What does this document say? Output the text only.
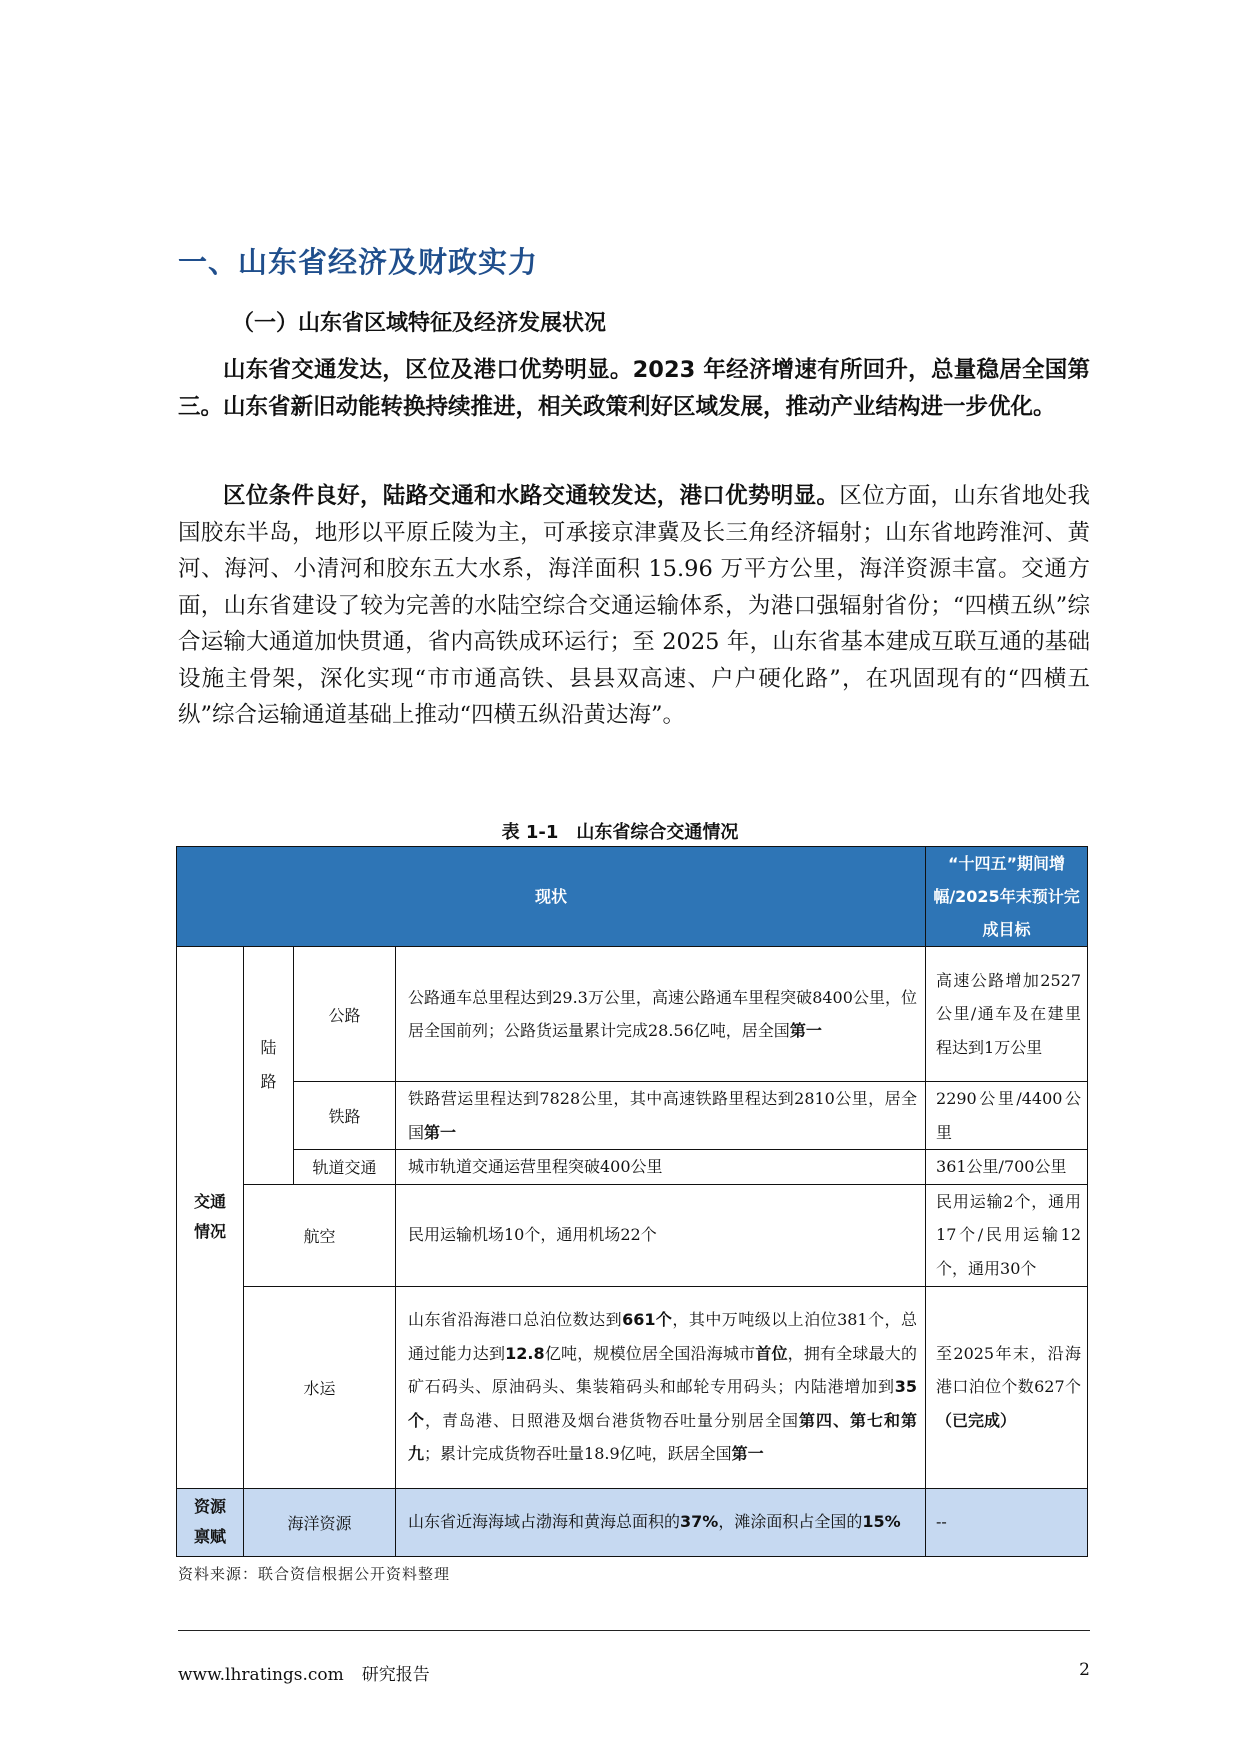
一、山东省经济及财政实力
（一）山东省区域特征及经济发展状况

山东省交通发达，区位及港口优势明显。2023 年经济增速有所回升，总量稳居全国第三。山东省新旧动能转换持续推进，相关政策利好区域发展，推动产业结构进一步优化。

区位条件良好，陆路交通和水路交通较发达，港口优势明显。区位方面，山东省地处我国胶东半岛，地形以平原丘陵为主，可承接京津冀及长三角经济辐射；山东省地跨淮河、黄河、海河、小清河和胶东五大水系，海洋面积 15.96 万平方公里，海洋资源丰富。交通方面，山东省建设了较为完善的水陆空综合交通运输体系，为港口强辐射省份；“四横五纵”综合运输大通道加快贯通，省内高铁成环运行；至 2025 年，山东省基本建成互联互通的基础设施主骨架，深化实现“市市通高铁、县县双高速、户户硬化路”，在巩固现有的“四横五纵”综合运输通道基础上推动“四横五纵沿黄达海”。

表 1-1　山东省综合交通情况

现状				“十四五”期间增幅/2025年末预计完成目标

交通情况	陆路	公路	公路通车总里程达到29.3万公里，高速公路通车里程突破8400公里，位居全国前列；公路货运量累计完成28.56亿吨，居全国第一	高速公路增加2527公里/通车及在建里程达到1万公里
		铁路	铁路营运里程达到7828公里，其中高速铁路里程达到2810公里，居全国第一	2290公里/4400公里
		轨道交通	城市轨道交通运营里程突破400公里	361公里/700公里
	航空		民用运输机场10个，通用机场22个	民用运输2个，通用17个/民用运输12个，通用30个
	水运		山东省沿海港口总泊位数达到661个，其中万吨级以上泊位381个，总通过能力达到12.8亿吨，规模位居全国沿海城市首位，拥有全球最大的矿石码头、原油码头、集装箱码头和邮轮专用码头；内陆港增加到35个，青岛港、日照港及烟台港货物吞吐量分别居全国第四、第七和第九；累计完成货物吞吐量18.9亿吨，跃居全国第一	至2025年末，沿海港口泊位个数627个（已完成）

资源禀赋	海洋资源		山东省近海海域占渤海和黄海总面积的37%，滩涂面积占全国的15%	--

资料来源：联合资信根据公开资料整理

www.lhratings.com 研究报告	2
